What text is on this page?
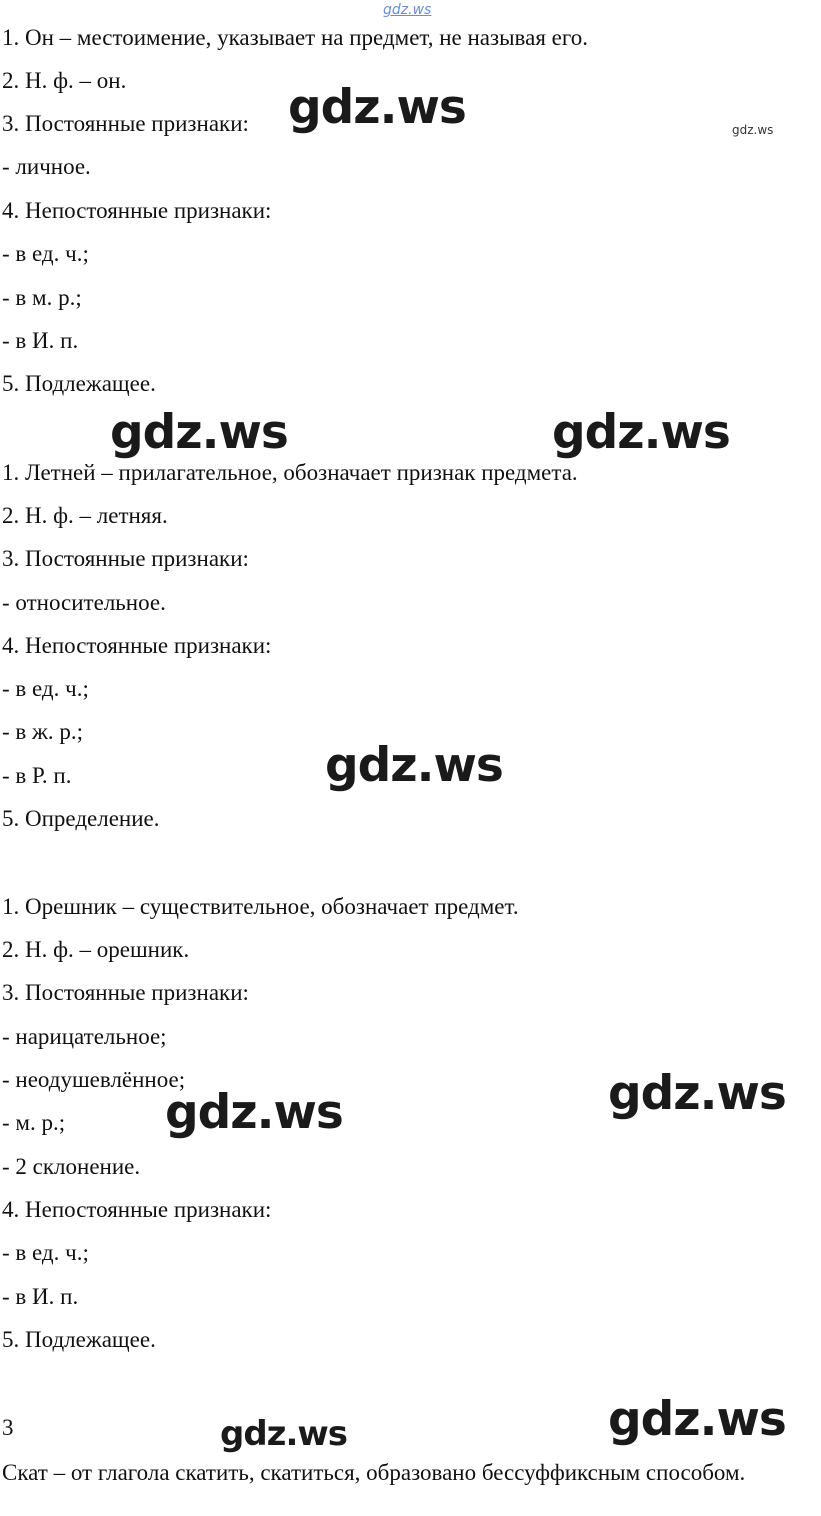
gdz.ws
1. Он – местоимение, указывает на предмет, не называя его.
2. Н. ф. – он.
3. Постоянные признаки:
- личное.
4. Непостоянные признаки:
- в ед. ч.;
- в м. р.;
- в И. п.
5. Подлежащее.
gdz.ws	gdz.ws
gdz.ws	gdz.ws
1. Летней – прилагательное, обозначает признак предмета.
2. Н. ф. – летняя.
3. Постоянные признаки:
- относительное.
4. Непостоянные признаки:
- в ед. ч.;
- в ж. р.;
- в Р. п.
5. Определение.
gdz.ws
1. Орешник – существительное, обозначает предмет.
2. Н. ф. – орешник.
3. Постоянные признаки:
- нарицательное;
- неодушевлённое;
- м. р.;
- 2 склонение.
4. Непостоянные признаки:
- в ед. ч.;
- в И. п.
5. Подлежащее.
gdz.ws
gdz.ws
3	gdz.ws	gdz.ws
Скат – от глагола скатить, скатиться, образовано бессуффиксным способом.
